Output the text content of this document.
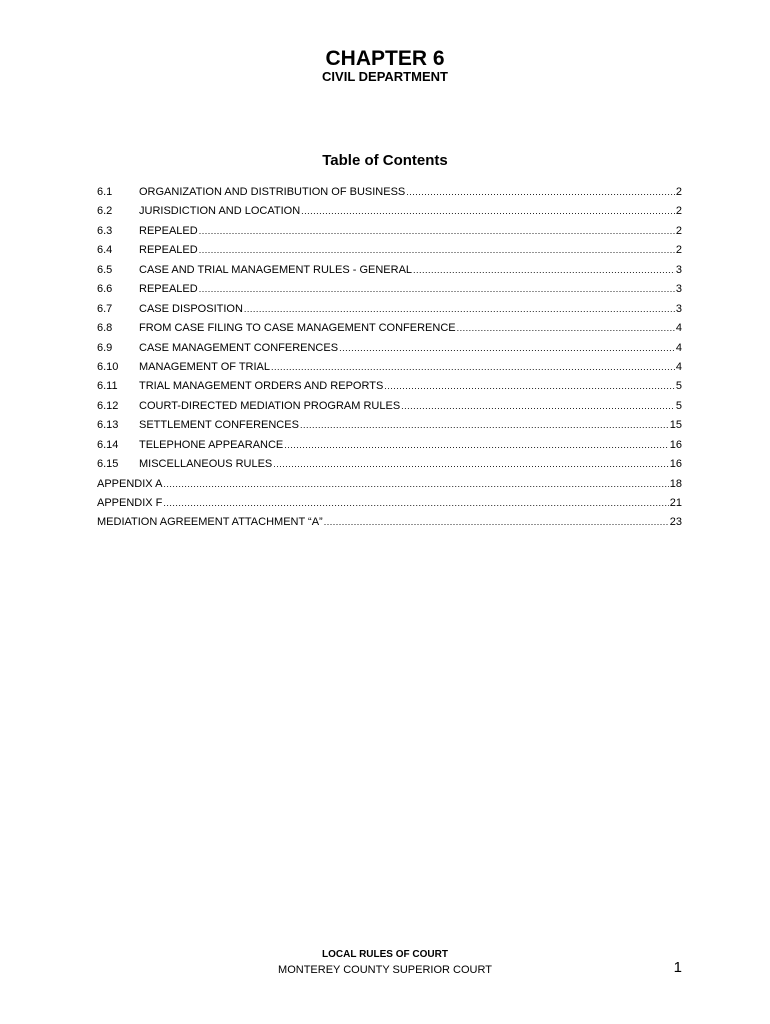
CHAPTER 6
CIVIL DEPARTMENT
Table of Contents
6.1	ORGANIZATION AND DISTRIBUTION OF BUSINESS .....	2
6.2	JURISDICTION AND LOCATION .....	2
6.3	REPEALED .....	2
6.4	REPEALED .....	2
6.5	CASE AND TRIAL MANAGEMENT RULES - GENERAL .....	3
6.6	REPEALED .....	3
6.7	CASE DISPOSITION .....	3
6.8	FROM CASE FILING TO CASE MANAGEMENT CONFERENCE .....	4
6.9	CASE MANAGEMENT CONFERENCES .....	4
6.10	MANAGEMENT OF TRIAL .....	4
6.11	TRIAL MANAGEMENT ORDERS AND REPORTS .....	5
6.12	COURT-DIRECTED MEDIATION PROGRAM RULES .....	5
6.13	SETTLEMENT CONFERENCES .....	15
6.14	TELEPHONE APPEARANCE .....	16
6.15	MISCELLANEOUS RULES .....	16
APPENDIX A .....	18
APPENDIX F .....	21
MEDIATION AGREEMENT ATTACHMENT “A” .....	23
LOCAL RULES OF COURT
MONTEREY COUNTY SUPERIOR COURT	1
